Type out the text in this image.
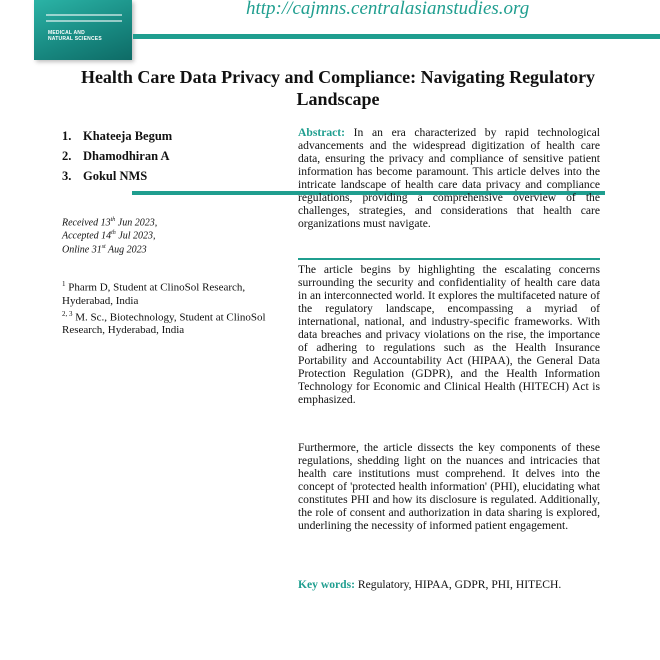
MEDICAL AND
NATURAL SCIENCES
http://cajmns.centralasianstudies.org
Health Care Data Privacy and Compliance: Navigating Regulatory Landscape
1. Khateeja Begum
2. Dhamodhiran A
3. Gokul NMS
Received 13th Jun 2023,
Accepted 14th Jul 2023,
Online 31st Aug 2023
$^1$ Pharm D, Student at ClinoSol Research, Hyderabad, India
$^{2, 3}$ M. Sc., Biotechnology, Student at ClinoSol Research, Hyderabad, India

Abstract: In an era characterized by rapid technological advancements and the widespread digitization of health care data, ensuring the privacy and compliance of sensitive patient information has become paramount. This article delves into the intricate landscape of health care data privacy and compliance regulations, providing a comprehensive overview of the challenges, strategies, and considerations that health care organizations must navigate.

The article begins by highlighting the escalating concerns surrounding the security and confidentiality of health care data in an interconnected world. It explores the multifaceted nature of the regulatory landscape, encompassing a myriad of international, national, and industry-specific frameworks. With data breaches and privacy violations on the rise, the importance of adhering to regulations such as the Health Insurance Portability and Accountability Act (HIPAA), the General Data Protection Regulation (GDPR), and the Health Information Technology for Economic and Clinical Health (HITECH) Act is emphasized.

Furthermore, the article dissects the key components of these regulations, shedding light on the nuances and intricacies that health care institutions must comprehend. It delves into the concept of 'protected health information' (PHI), elucidating what constitutes PHI and how its disclosure is regulated. Additionally, the role of consent and authorization in data sharing is explored, underlining the necessity of informed patient engagement.

Key words: Regulatory, HIPAA, GDPR, PHI, HITECH.
